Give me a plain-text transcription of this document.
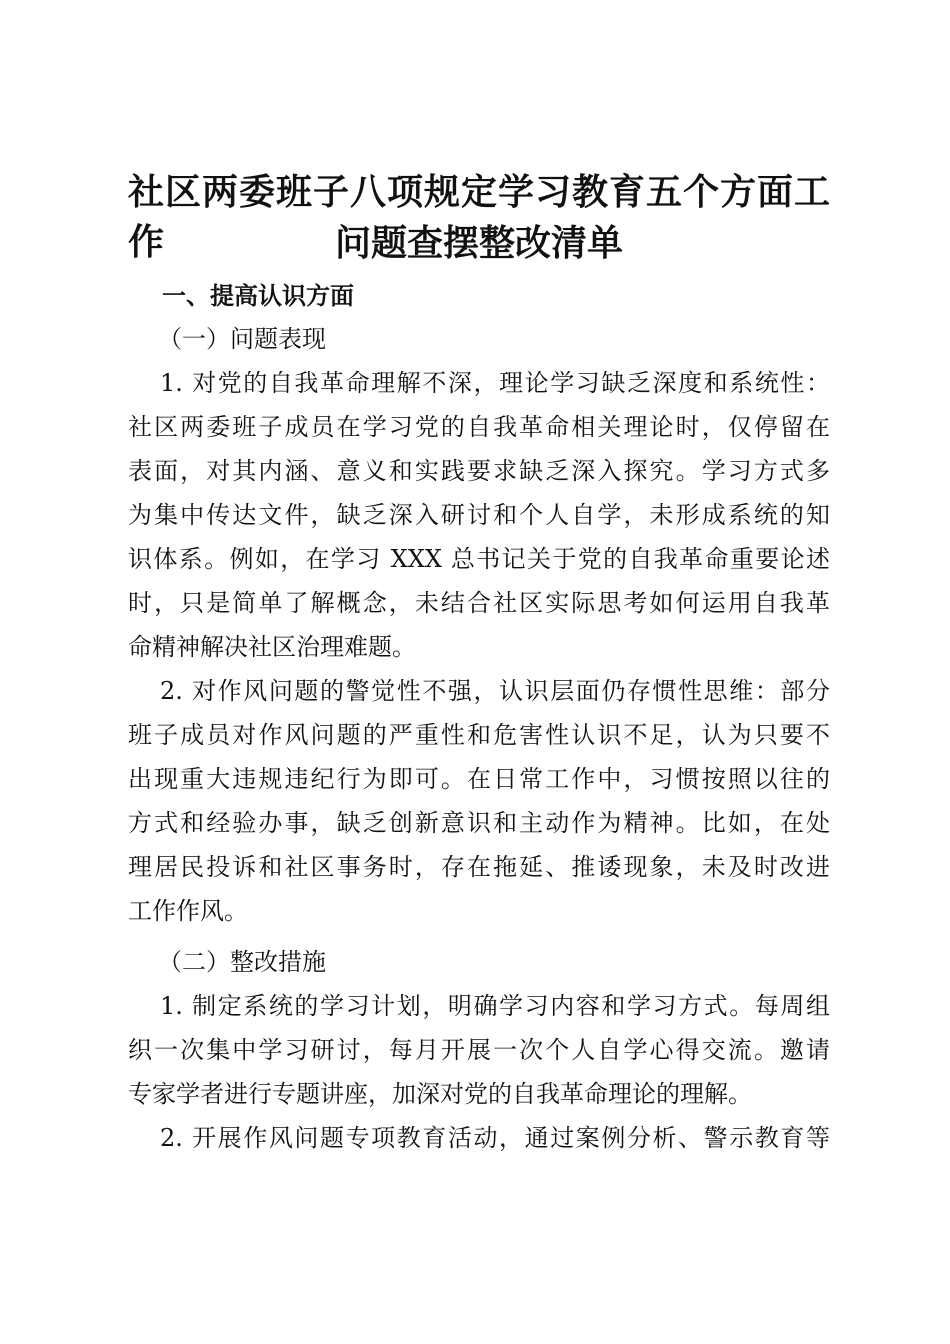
社区两委班子八项规定学习教育五个方面工作	问题查摆整改清单
一、提高认识方面
（一）问题表现
1. 对党的自我革命理解不深，理论学习缺乏深度和系统性：
社区两委班子成员在学习党的自我革命相关理论时，仅停留在
表面，对其内涵、意义和实践要求缺乏深入探究。学习方式多
为集中传达文件，缺乏深入研讨和个人自学，未形成系统的知
识体系。例如，在学习 XXX 总书记关于党的自我革命重要论述
时，只是简单了解概念，未结合社区实际思考如何运用自我革
命精神解决社区治理难题。
2. 对作风问题的警觉性不强，认识层面仍存惯性思维：部分
班子成员对作风问题的严重性和危害性认识不足，认为只要不
出现重大违规违纪行为即可。在日常工作中，习惯按照以往的
方式和经验办事，缺乏创新意识和主动作为精神。比如，在处
理居民投诉和社区事务时，存在拖延、推诿现象，未及时改进
工作作风。
（二）整改措施
1. 制定系统的学习计划，明确学习内容和学习方式。每周组
织一次集中学习研讨，每月开展一次个人自学心得交流。邀请
专家学者进行专题讲座，加深对党的自我革命理论的理解。
2. 开展作风问题专项教育活动，通过案例分析、警示教育等
